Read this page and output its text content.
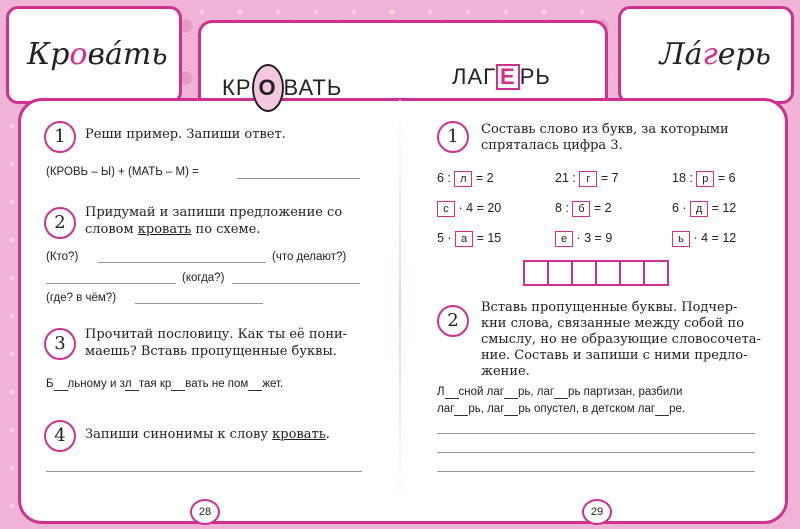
Крова́ть	Ла́герь
КР О ВАТЬ	ЛАГ Е РЬ
1	Реши пример. Запиши ответ.
(КРОВЬ – Ы) + (МАТЬ – М) =
2	Придумай и запиши предложение со
словом кровать по схеме.
(Кто?)	(что делают?)
(когда?)
(где? в чём?)
3	Прочитай пословицу. Как ты её пони-
маешь? Вставь пропущенные буквы.
Б льному и зл тая кр вать не пом жет.
4	Запиши синонимы к слову кровать.
28
1	Составь слово из букв, за которыми
спряталась цифра 3.
6 : л = 2	21 : г = 7	18 : р = 6
с · 4 = 20	8 : б = 2	6 · д = 12
5 · а = 15	е · 3 = 9	ь · 4 = 12
2
Вставь пропущенные буквы. Подчер-
кни слова, связанные между собой по
смыслу, но не образующие словосочета-
ние. Составь и запиши с ними предло-
жение.
Л сной лаг рь, лаг рь партизан, разбили
лаг рь, лаг рь опустел, в детском лаг ре.
29
